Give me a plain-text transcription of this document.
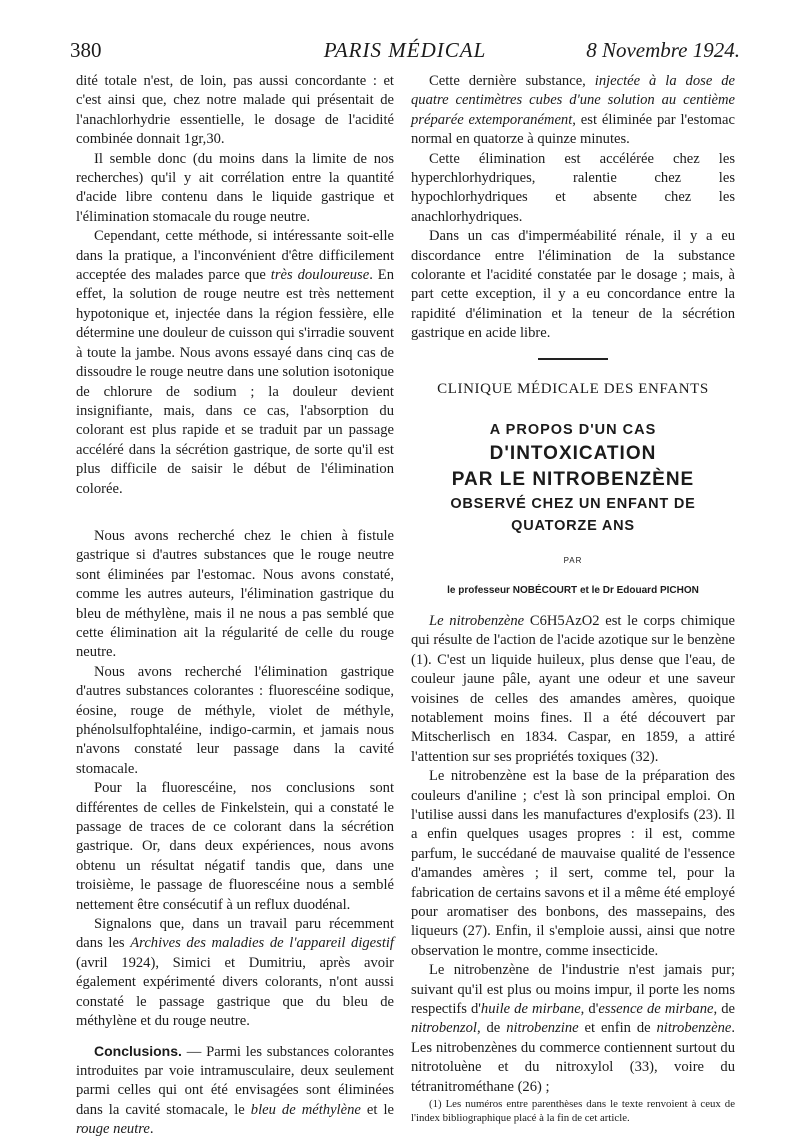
380	PARIS MÉDICAL	8 Novembre 1924.

dité totale n'est, de loin, pas aussi concordante : et c'est ainsi que, chez notre malade qui présentait de l'anachlorhydrie essentielle, le dosage de l'acidité combinée donnait 1gr,30.

Il semble donc (du moins dans la limite de nos recherches) qu'il y ait corrélation entre la quantité d'acide libre contenu dans le liquide gastrique et l'élimination stomacale du rouge neutre.

Cependant, cette méthode, si intéressante soit-elle dans la pratique, a l'inconvénient d'être difficilement acceptée des malades parce que très douloureuse. En effet, la solution de rouge neutre est très nettement hypotonique et, injectée dans la région fessière, elle détermine une douleur de cuisson qui s'irradie souvent à toute la jambe. Nous avons essayé dans cinq cas de dissoudre le rouge neutre dans une solution isotonique de chlorure de sodium ; la douleur devient insignifiante, mais, dans ce cas, l'absorption du colorant est plus rapide et se traduit par un passage accéléré dans la sécrétion gastrique, de sorte qu'il est plus difficile de saisir le début de l'élimination colorée.

Nous avons recherché chez le chien à fistule gastrique si d'autres substances que le rouge neutre sont éliminées par l'estomac. Nous avons constaté, comme les autres auteurs, l'élimination gastrique du bleu de méthylène, mais il ne nous a pas semblé que cette élimination ait la régularité de celle du rouge neutre.

Nous avons recherché l'élimination gastrique d'autres substances colorantes : fluorescéine sodique, éosine, rouge de méthyle, violet de méthyle, phénolsulfophtaléine, indigo-carmin, et jamais nous n'avons constaté leur passage dans la cavité stomacale.

Pour la fluorescéine, nos conclusions sont différentes de celles de Finkelstein, qui a constaté le passage de traces de ce colorant dans la sécrétion gastrique. Or, dans deux expériences, nous avons obtenu un résultat négatif tandis que, dans une troisième, le passage de fluorescéine nous a semblé nettement être consécutif à un reflux duodénal.

Signalons que, dans un travail paru récemment dans les Archives des maladies de l'appareil digestif (avril 1924), Simici et Dumitriu, après avoir également expérimenté divers colorants, n'ont aussi constaté le passage gastrique que du bleu de méthylène et du rouge neutre.

Conclusions. — Parmi les substances colorantes introduites par voie intramusculaire, deux seulement parmi celles qui ont été envisagées sont éliminées dans la cavité stomacale, le bleu de méthylène et le rouge neutre.

Cette dernière substance, injectée à la dose de quatre centimètres cubes d'une solution au centième préparée extemporanément, est éliminée par l'estomac normal en quatorze à quinze minutes.

Cette élimination est accélérée chez les hyperchlorhydriques, ralentie chez les hypochlorhydriques et absente chez les anachlorhydriques.

Dans un cas d'imperméabilité rénale, il y a eu discordance entre l'élimination de la substance colorante et l'acidité constatée par le dosage ; mais, à part cette exception, il y a eu concordance entre la rapidité d'élimination et la teneur de la sécrétion gastrique en acide libre.

CLINIQUE MÉDICALE DES ENFANTS
A PROPOS D'UN CAS
D'INTOXICATION
PAR LE NITROBENZÈNE
OBSERVÉ CHEZ UN ENFANT DE QUATORZE ANS
PAR
le professeur NOBÉCOURT et le Dr Edouard PICHON

Le nitrobenzène C6H5AzO2 est le corps chimique qui résulte de l'action de l'acide azotique sur le benzène (1). C'est un liquide huileux, plus dense que l'eau, de couleur jaune pâle, ayant une odeur et une saveur voisines de celles des amandes amères, quoique notablement moins fines. Il a été découvert par Mitscherlisch en 1834. Caspar, en 1859, a attiré l'attention sur ses propriétés toxiques (32).

Le nitrobenzène est la base de la préparation des couleurs d'aniline ; c'est là son principal emploi. On l'utilise aussi dans les manufactures d'explosifs (23). Il a enfin quelques usages propres : il est, comme parfum, le succédané de mauvaise qualité de l'essence d'amandes amères ; il sert, comme tel, pour la fabrication de certains savons et il a même été employé pour aromatiser des bonbons, des massepains, des liqueurs (27). Enfin, il s'emploie aussi, ainsi que notre observation le montre, comme insecticide.

Le nitrobenzène de l'industrie n'est jamais pur; suivant qu'il est plus ou moins impur, il porte les noms respectifs d'huile de mirbane, d'essence de mirbane, de nitrobenzol, de nitrobenzine et enfin de nitrobenzène. Les nitrobenzènes du commerce contiennent surtout du nitrotoluène et du nitroxylol (33), voire du tétranitrométhane (26) ;

(1) Les numéros entre parenthèses dans le texte renvoient à ceux de l'index bibliographique placé à la fin de cet article.
